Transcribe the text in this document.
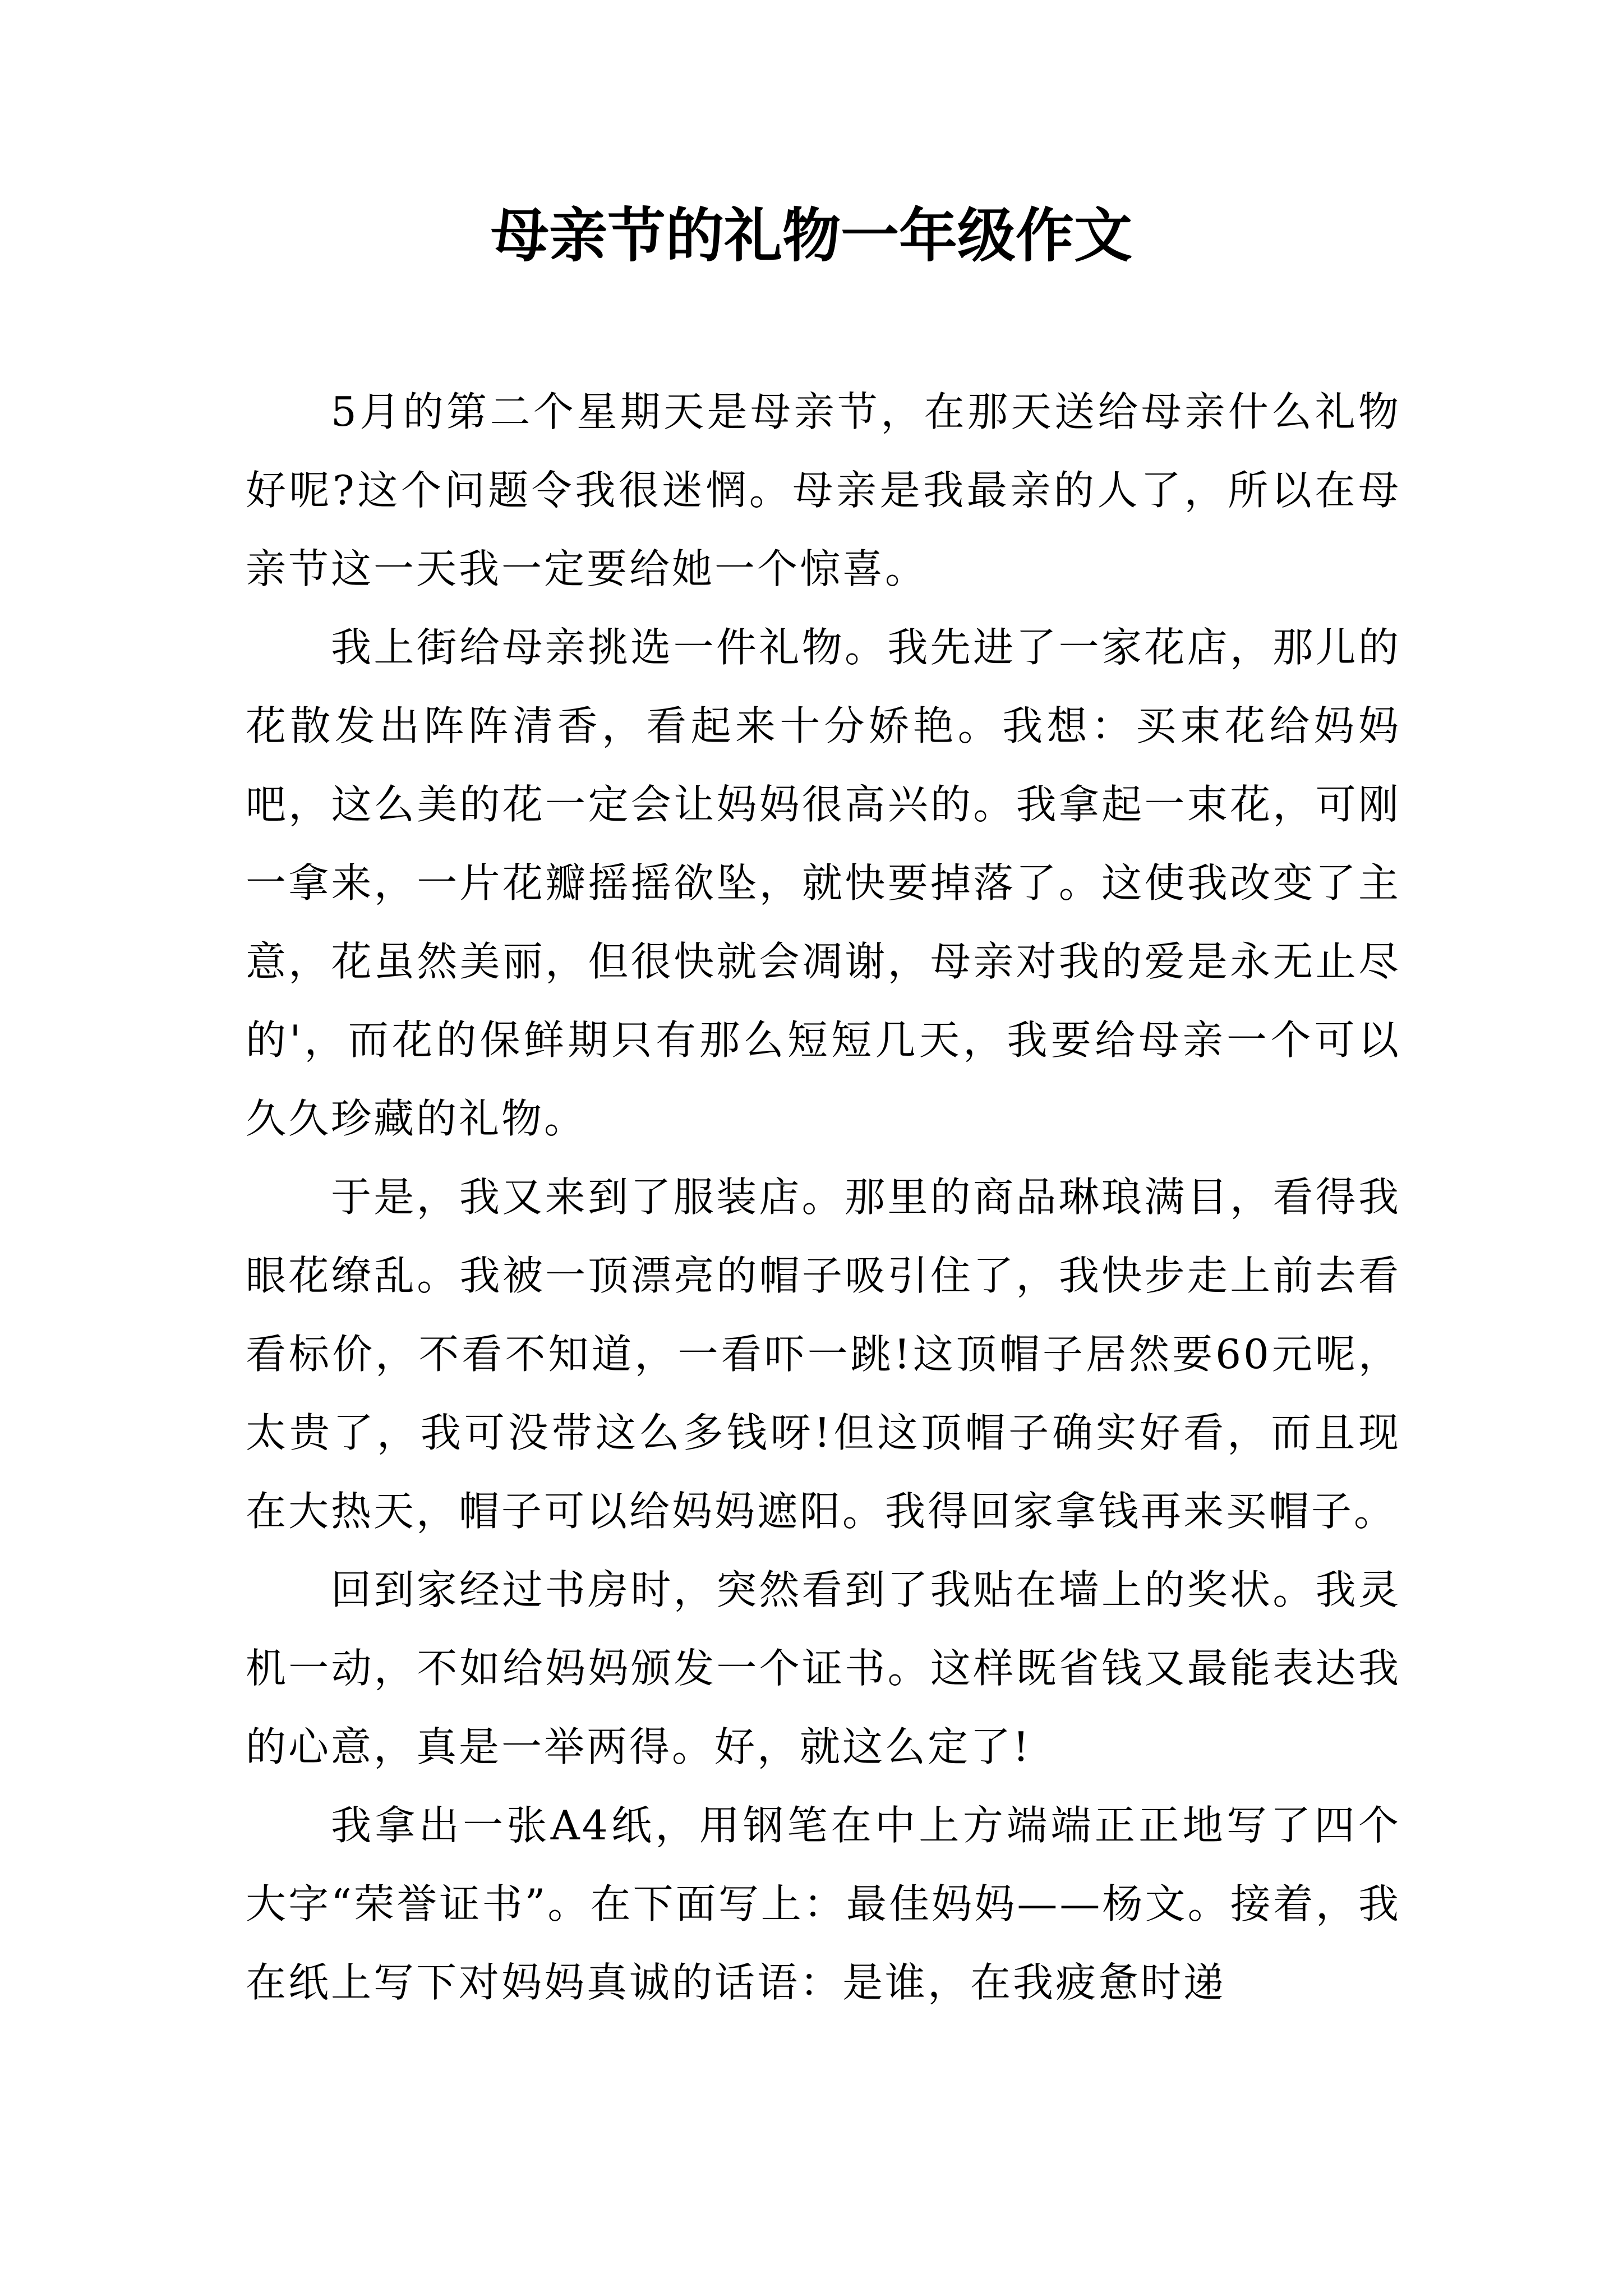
母亲节的礼物一年级作文

5月的第二个星期天是母亲节，在那天送给母亲什么礼物好呢?这个问题令我很迷惘。母亲是我最亲的人了，所以在母亲节这一天我一定要给她一个惊喜。

我上街给母亲挑选一件礼物。我先进了一家花店，那儿的花散发出阵阵清香，看起来十分娇艳。我想：买束花给妈妈吧，这么美的花一定会让妈妈很高兴的。我拿起一束花，可刚一拿来，一片花瓣摇摇欲坠，就快要掉落了。这使我改变了主意，花虽然美丽，但很快就会凋谢，母亲对我的爱是永无止尽的'，而花的保鲜期只有那么短短几天，我要给母亲一个可以久久珍藏的礼物。

于是，我又来到了服装店。那里的商品琳琅满目，看得我眼花缭乱。我被一顶漂亮的帽子吸引住了，我快步走上前去看看标价，不看不知道，一看吓一跳!这顶帽子居然要60元呢，太贵了，我可没带这么多钱呀!但这顶帽子确实好看，而且现在大热天，帽子可以给妈妈遮阳。我得回家拿钱再来买帽子。

回到家经过书房时，突然看到了我贴在墙上的奖状。我灵机一动，不如给妈妈颁发一个证书。这样既省钱又最能表达我的心意，真是一举两得。好，就这么定了!

我拿出一张A4纸，用钢笔在中上方端端正正地写了四个大字“荣誉证书”。在下面写上：最佳妈妈——杨文。接着，我在纸上写下对妈妈真诚的话语：是谁，在我疲惫时递
